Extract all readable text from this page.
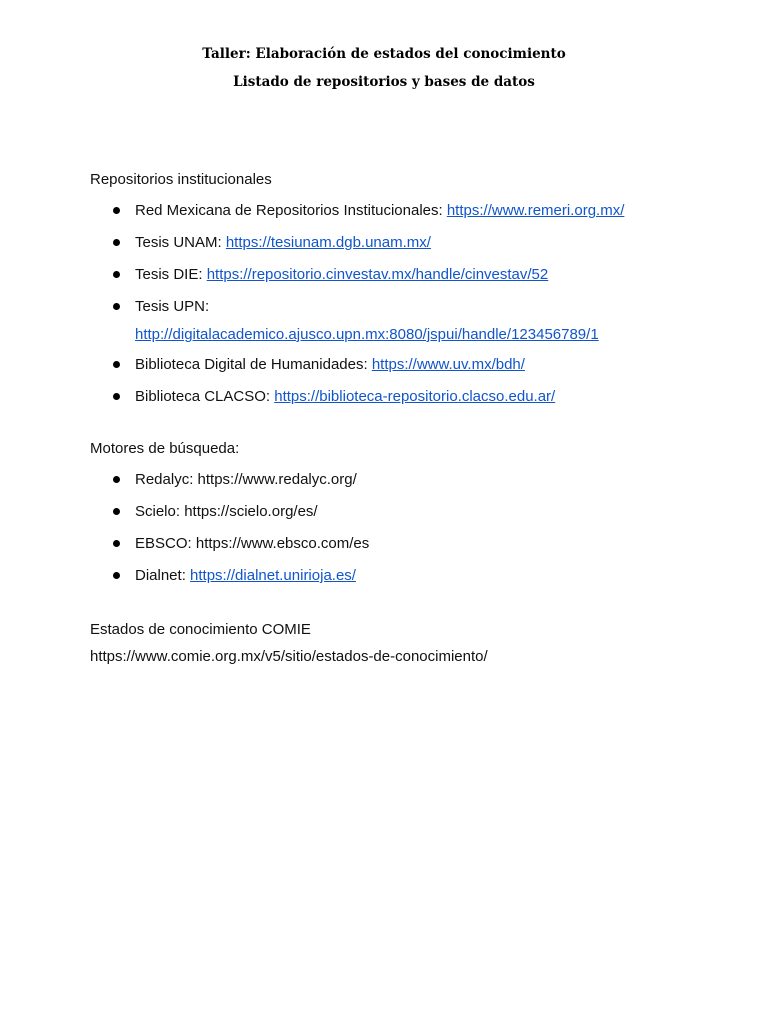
Taller: Elaboración de estados del conocimiento

Listado de repositorios y bases de datos

Repositorios institucionales

Red Mexicana de Repositorios Institucionales: https://www.remeri.org.mx/
Tesis UNAM: https://tesiunam.dgb.unam.mx/
Tesis DIE: https://repositorio.cinvestav.mx/handle/cinvestav/52
Tesis UPN:
http://digitalacademico.ajusco.upn.mx:8080/jspui/handle/123456789/1
Biblioteca Digital de Humanidades: https://www.uv.mx/bdh/
Biblioteca CLACSO: https://biblioteca-repositorio.clacso.edu.ar/

Motores de búsqueda:

Redalyc: https://www.redalyc.org/
Scielo: https://scielo.org/es/
EBSCO: https://www.ebsco.com/es
Dialnet: https://dialnet.unirioja.es/

Estados de conocimiento COMIE

https://www.comie.org.mx/v5/sitio/estados-de-conocimiento/
